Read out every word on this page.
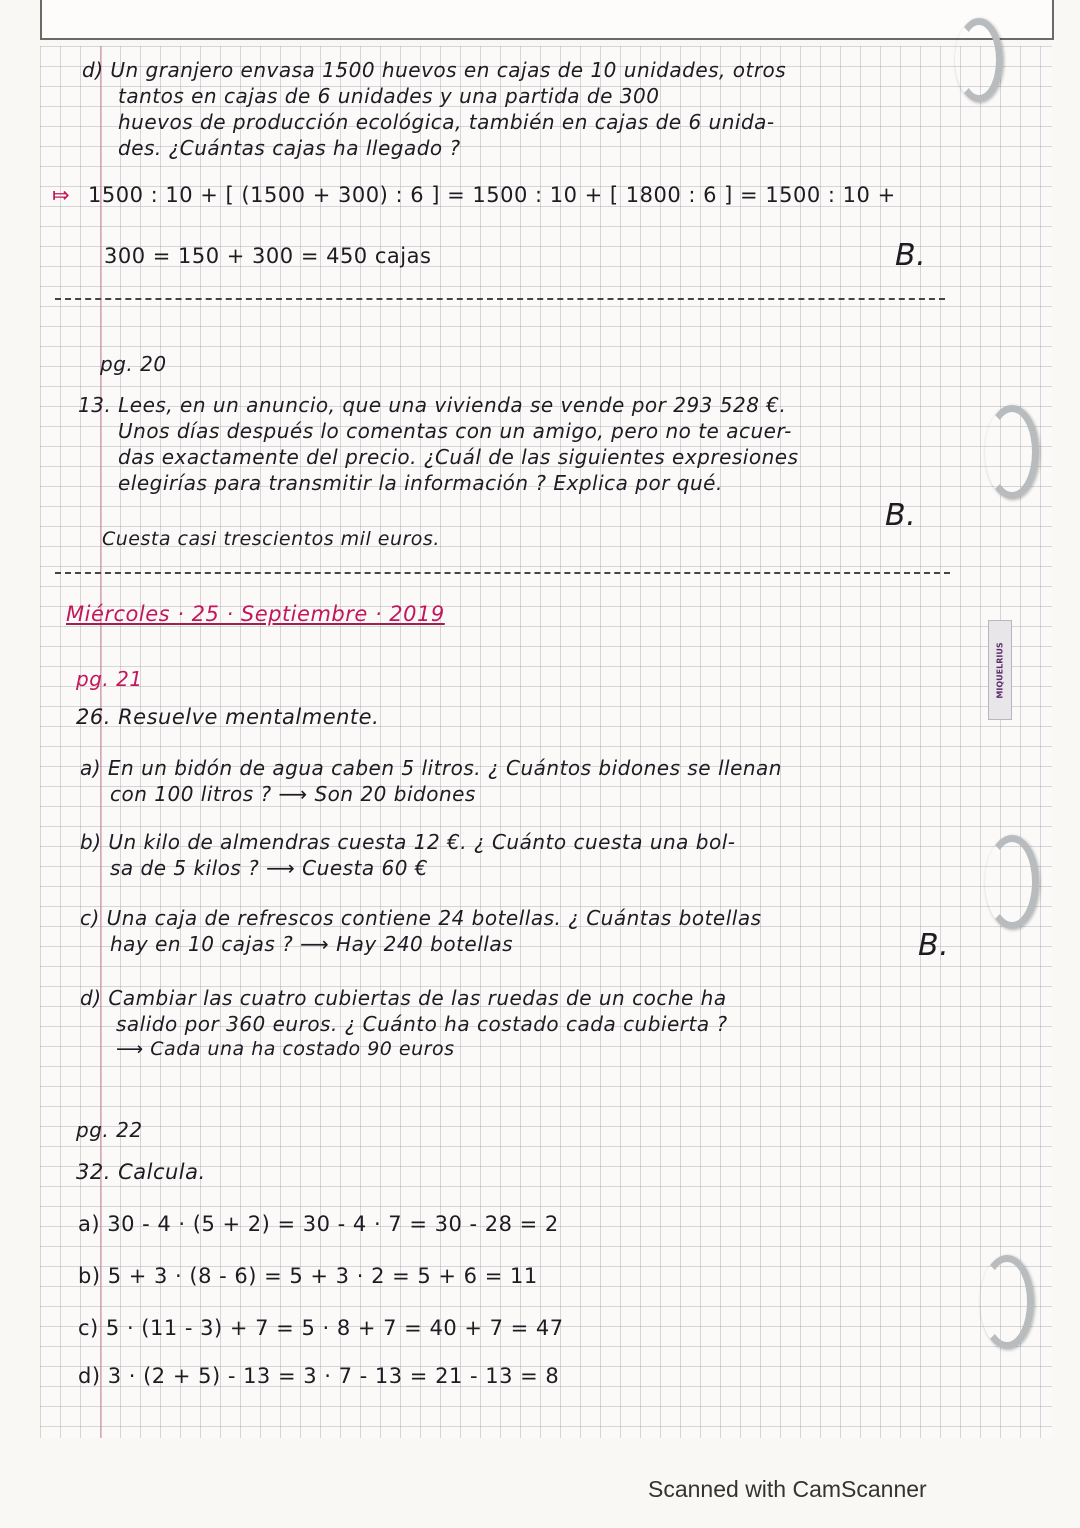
d) Un granjero envasa 1500 huevos en cajas de 10 unidades, otros
tantos en cajas de 6 unidades y una partida de 300
huevos de producción ecológica, también en cajas de 6 unida-
des. ¿Cuántas cajas ha llegado ?
⤇ 1500 : 10 + [ (1500 + 300) : 6 ] = 1500 : 10 + [ 1800 : 6 ] = 1500 : 10 +
300 = 150 + 300 = 450 cajas	B.
pg. 20
13. Lees, en un anuncio, que una vivienda se vende por 293 528 €.
Unos días después lo comentas con un amigo, pero no te acuer-
das exactamente del precio. ¿Cuál de las siguientes expresiones
elegirías para transmitir la información ? Explica por qué.
B.
Cuesta casi trescientos mil euros.
Miércoles · 25 · Septiembre · 2019
pg. 21
26. Resuelve mentalmente.
a) En un bidón de agua caben 5 litros. ¿ Cuántos bidones se llenan
con 100 litros ? ⟶ Son 20 bidones
b) Un kilo de almendras cuesta 12 €. ¿ Cuánto cuesta una bol-
sa de 5 kilos ? ⟶ Cuesta 60 €
c) Una caja de refrescos contiene 24 botellas. ¿ Cuántas botellas
hay en 10 cajas ? ⟶ Hay 240 botellas	B.
d) Cambiar las cuatro cubiertas de las ruedas de un coche ha
salido por 360 euros. ¿ Cuánto ha costado cada cubierta ?
⟶ Cada una ha costado 90 euros
pg. 22
32. Calcula.
a) 30 - 4 · (5 + 2) = 30 - 4 · 7 = 30 - 28 = 2
b) 5 + 3 · (8 - 6) = 5 + 3 · 2 = 5 + 6 = 11
c) 5 · (11 - 3) + 7 = 5 · 8 + 7 = 40 + 7 = 47
d) 3 · (2 + 5) - 13 = 3 · 7 - 13 = 21 - 13 = 8
MIQUELRIUS
Scanned with CamScanner
